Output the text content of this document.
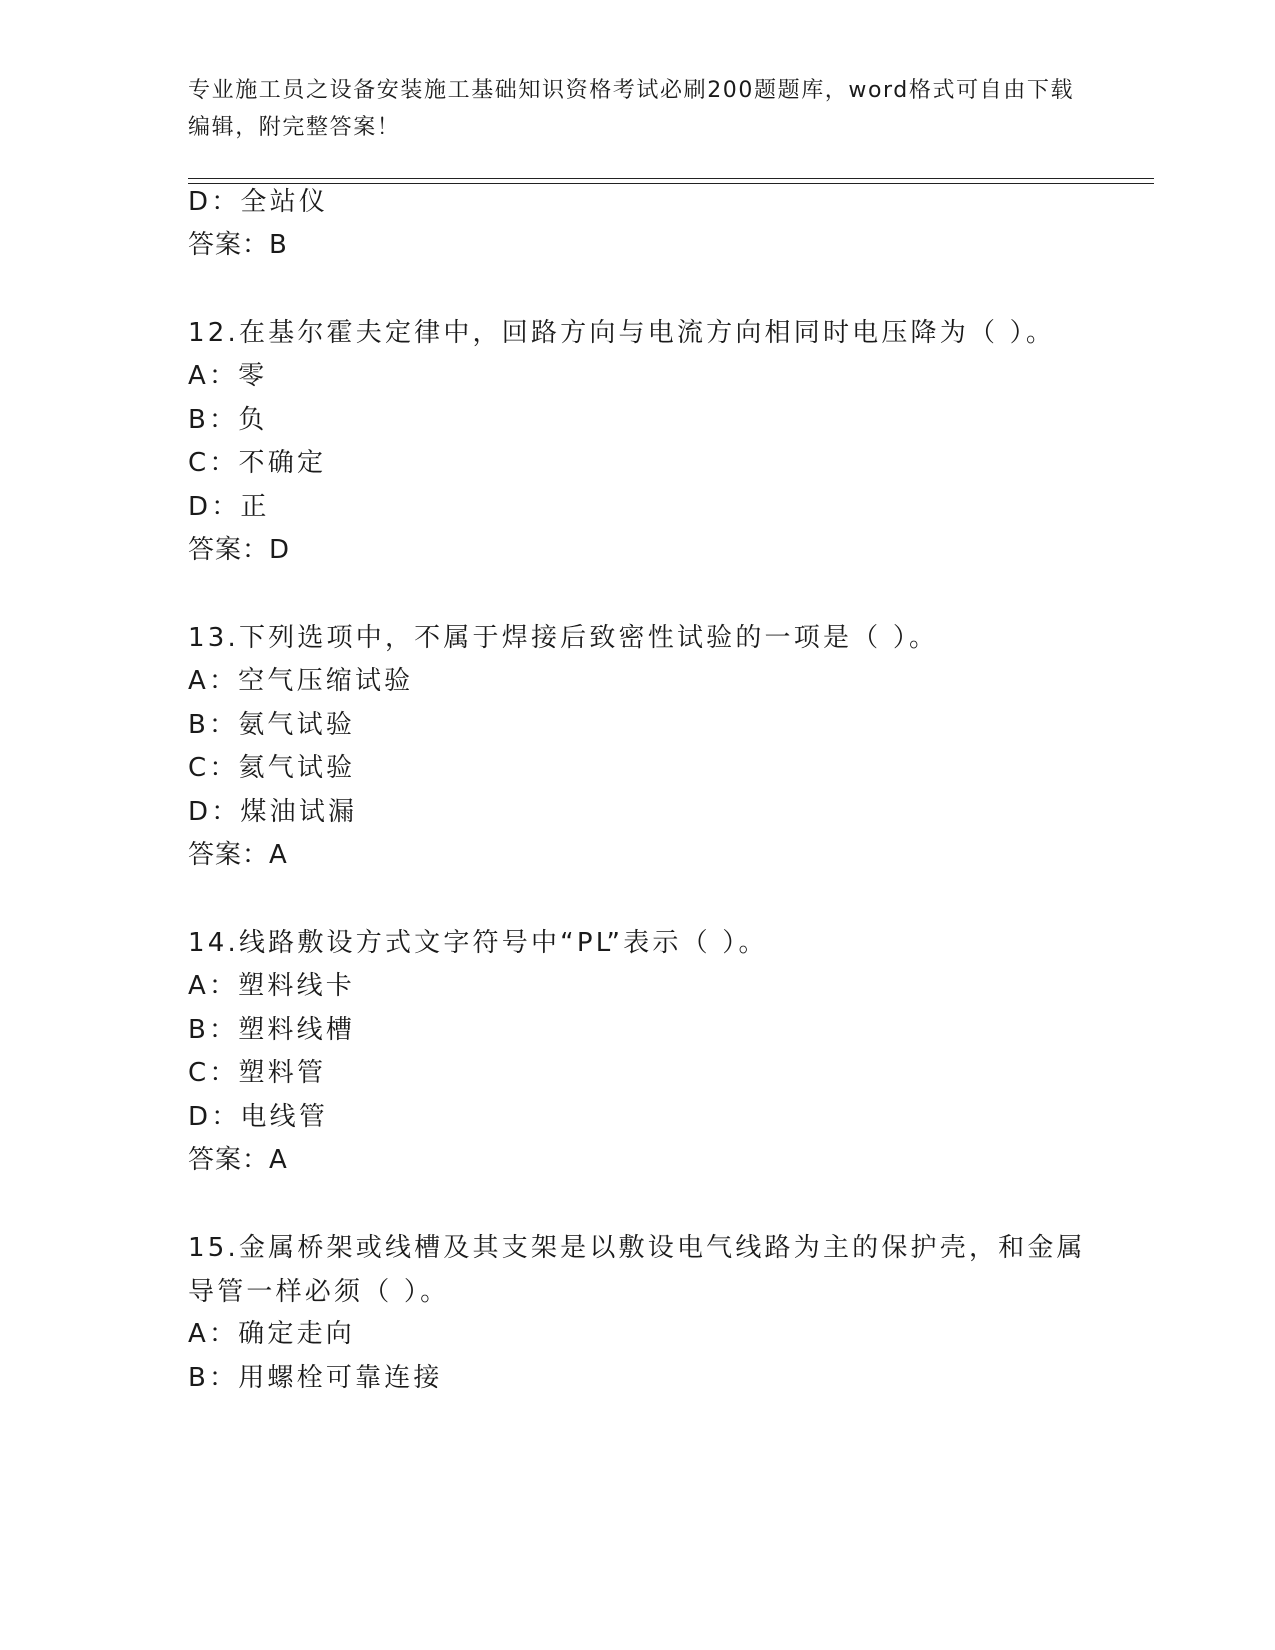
专业施工员之设备安装施工基础知识资格考试必刷200题题库，word格式可自由下载编辑，附完整答案！
D：全站仪
答案：B
12.在基尔霍夫定律中，回路方向与电流方向相同时电压降为（ ）。
A：零
B：负
C：不确定
D：正
答案：D
13.下列选项中，不属于焊接后致密性试验的一项是（ ）。
A：空气压缩试验
B：氨气试验
C：氦气试验
D：煤油试漏
答案：A
14.线路敷设方式文字符号中“PL”表示（ ）。
A：塑料线卡
B：塑料线槽
C：塑料管
D：电线管
答案：A
15.金属桥架或线槽及其支架是以敷设电气线路为主的保护壳，和金属导管一样必须（ ）。
A：确定走向
B：用螺栓可靠连接
